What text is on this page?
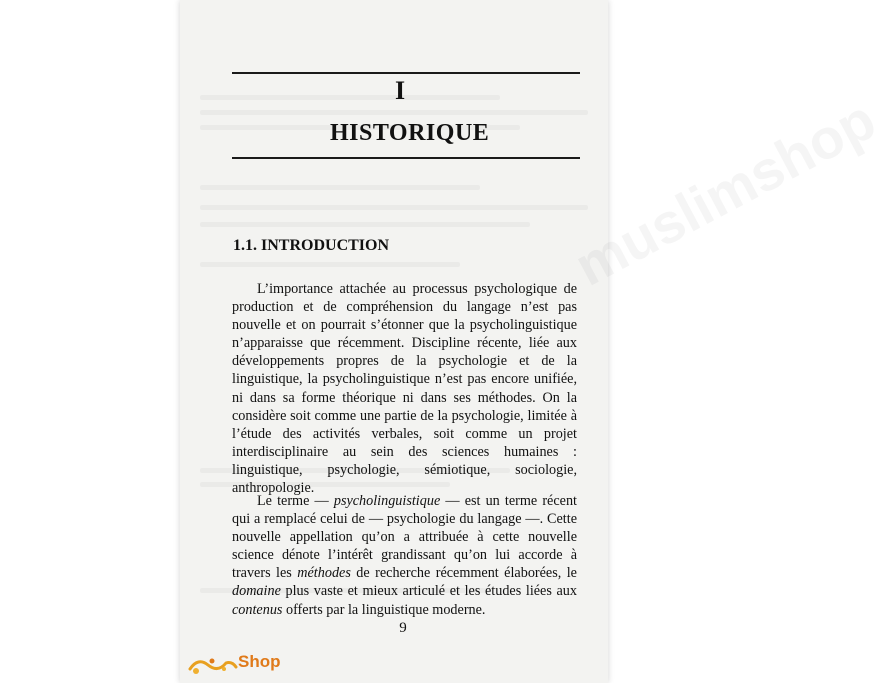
muslimshop
I
HISTORIQUE
1.1. INTRODUCTION

L’importance attachée au processus psychologique de production et de compréhension du langage n’est pas nouvelle et on pourrait s’étonner que la psycholinguistique n’apparaisse que récemment. Discipline récente, liée aux développements propres de la psychologie et de la linguistique, la psycholinguistique n’est pas encore unifiée, ni dans sa forme théorique ni dans ses méthodes. On la considère soit comme une partie de la psychologie, limitée à l’étude des activités verbales, soit comme un projet interdisciplinaire au sein des sciences humaines : linguistique, psychologie, sémiotique, sociologie, anthropologie.

Le terme — psycholinguistique — est un terme récent qui a remplacé celui de — psychologie du langage —. Cette nouvelle appellation qu’on a attribuée à cette nouvelle science dénote l’intérêt grandissant qu’on lui accorde à travers les méthodes de recherche récemment élaborées, le domaine plus vaste et mieux articulé et les études liées aux contenus offerts par la linguistique moderne.

9
Shop
